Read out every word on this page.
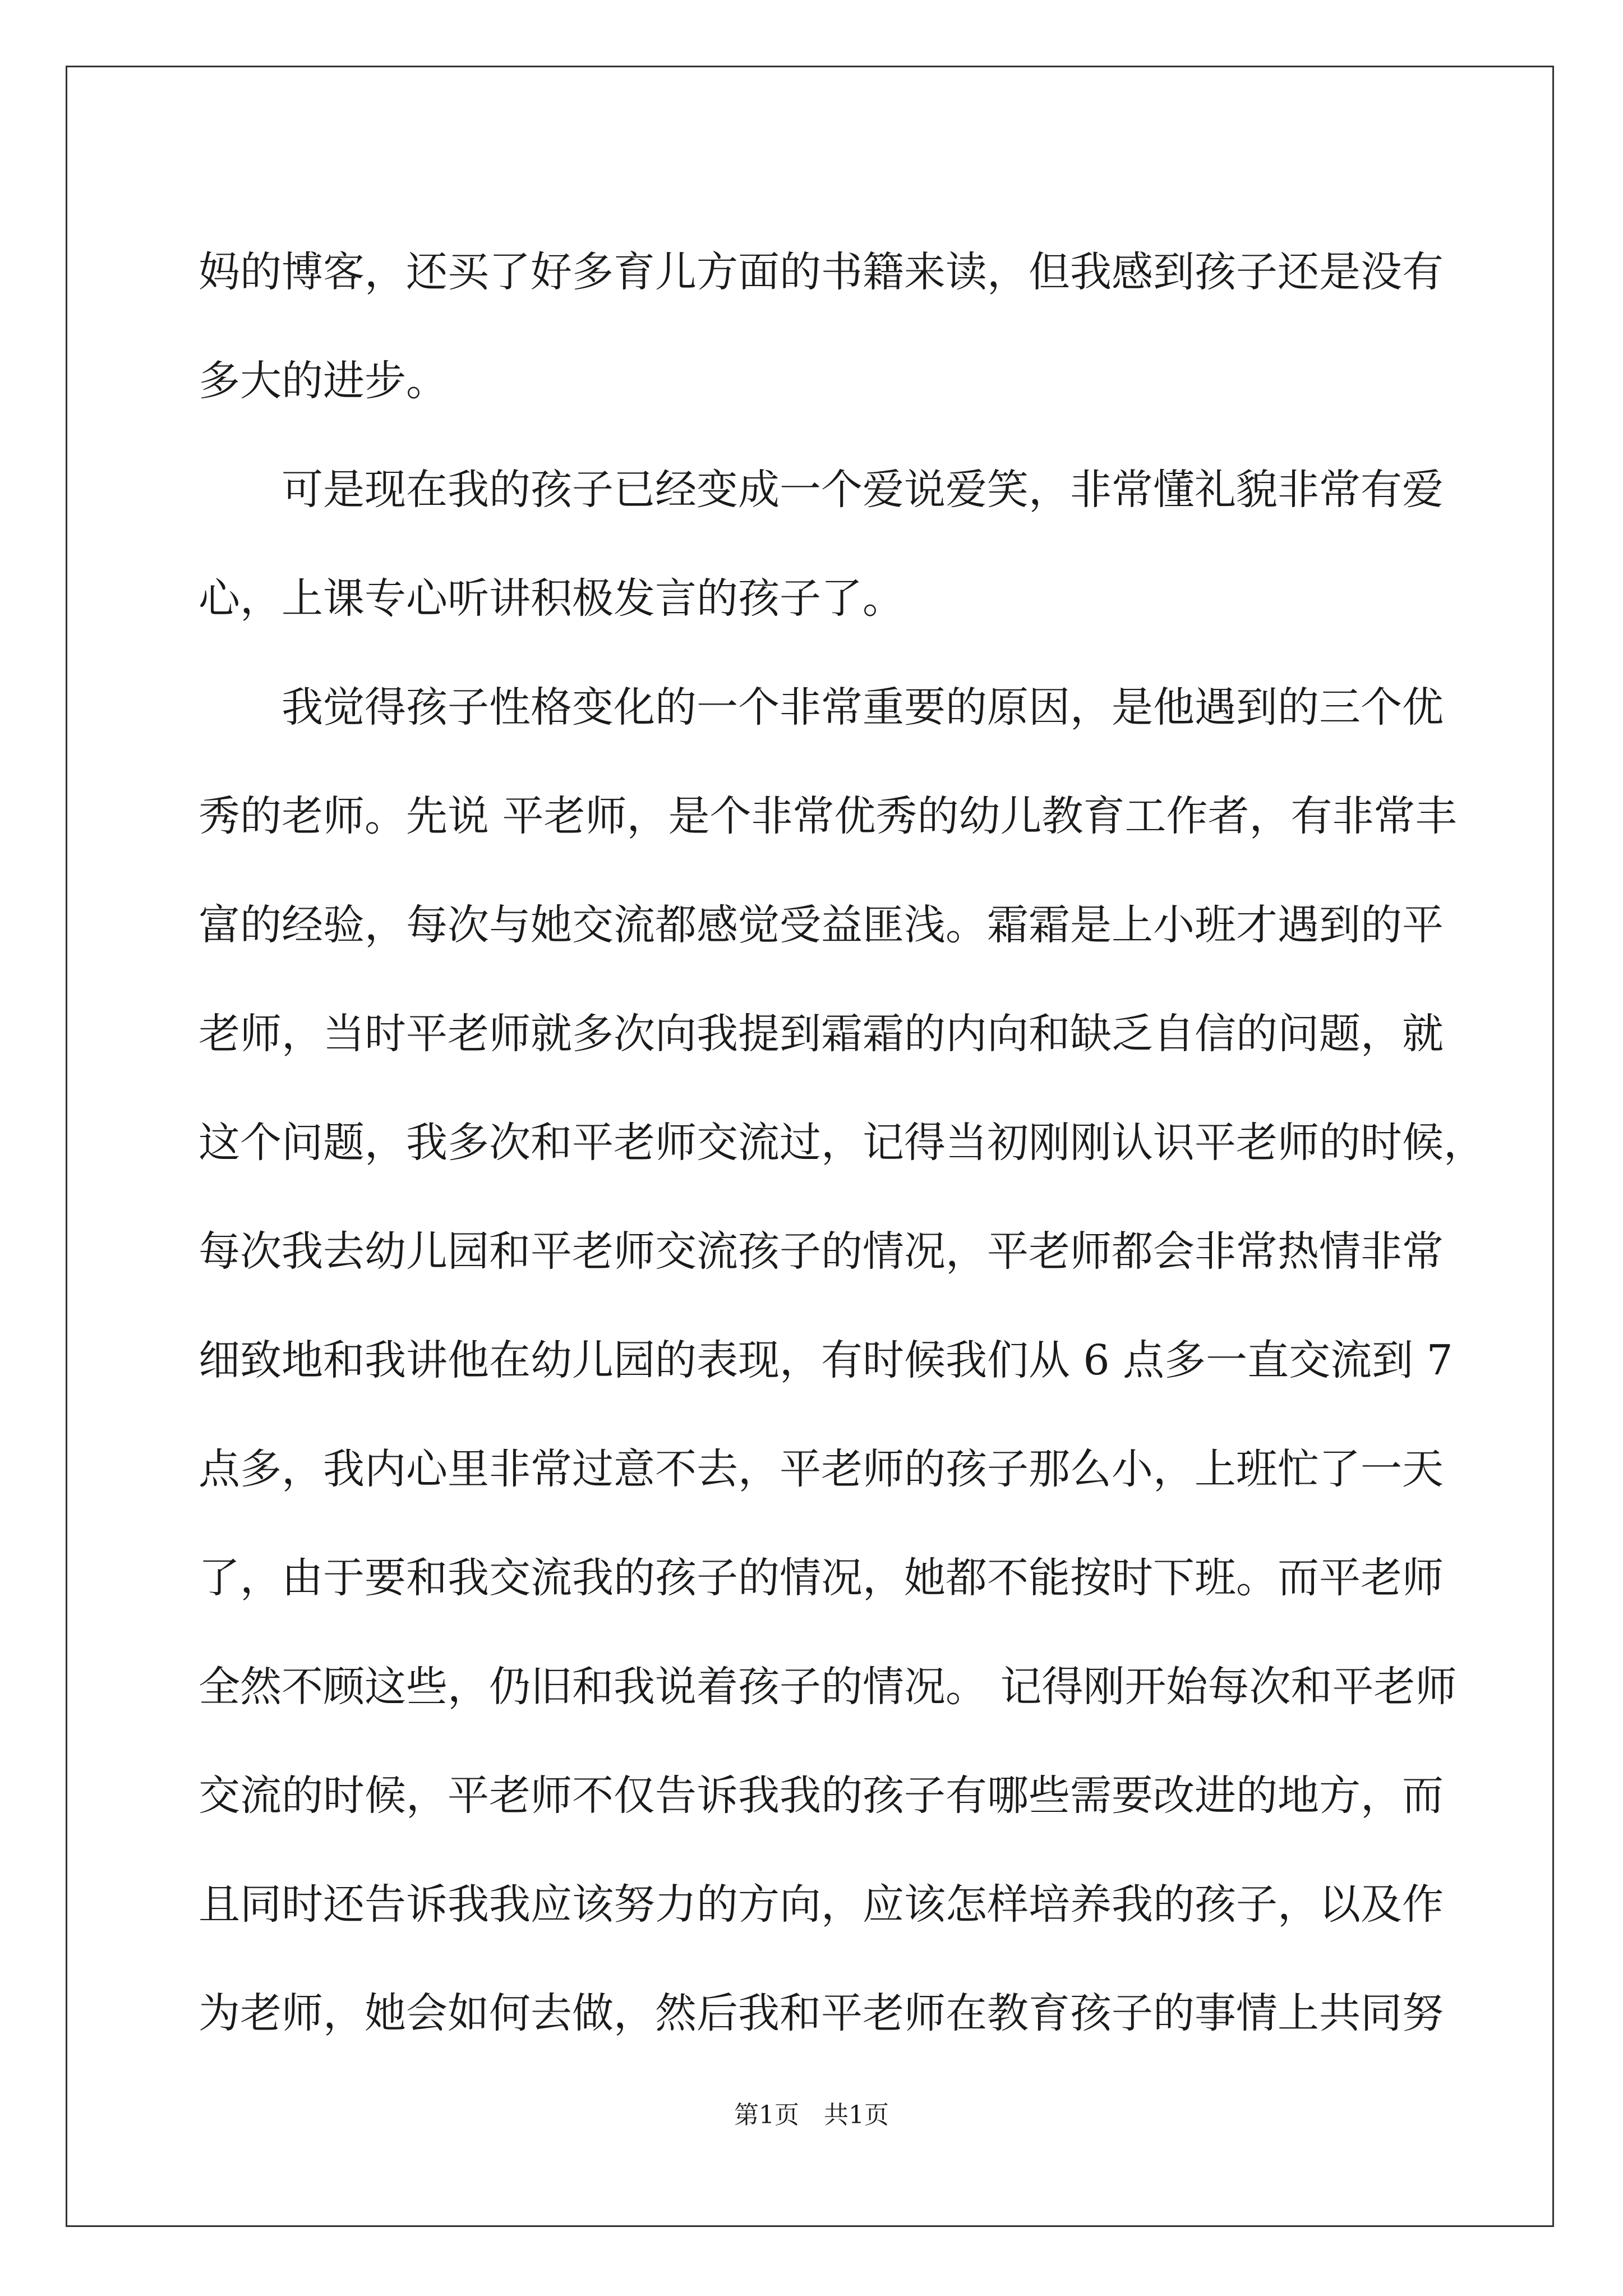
妈的博客，还买了好多育儿方面的书籍来读，但我感到孩子还是没有
多大的进步。
　　可是现在我的孩子已经变成一个爱说爱笑，非常懂礼貌非常有爱
心，上课专心听讲积极发言的孩子了。
　　我觉得孩子性格变化的一个非常重要的原因，是他遇到的三个优
秀的老师。先说 平老师，是个非常优秀的幼儿教育工作者，有非常丰
富的经验，每次与她交流都感觉受益匪浅。霜霜是上小班才遇到的平
老师，当时平老师就多次向我提到霜霜的内向和缺乏自信的问题，就
这个问题，我多次和平老师交流过，记得当初刚刚认识平老师的时候，
每次我去幼儿园和平老师交流孩子的情况，平老师都会非常热情非常
细致地和我讲他在幼儿园的表现，有时候我们从 6 点多一直交流到 7
点多，我内心里非常过意不去，平老师的孩子那么小，上班忙了一天
了，由于要和我交流我的孩子的情况，她都不能按时下班。而平老师
全然不顾这些，仍旧和我说着孩子的情况。 记得刚开始每次和平老师
交流的时候，平老师不仅告诉我我的孩子有哪些需要改进的地方，而
且同时还告诉我我应该努力的方向，应该怎样培养我的孩子，以及作
为老师，她会如何去做，然后我和平老师在教育孩子的事情上共同努
第1页　共1页
